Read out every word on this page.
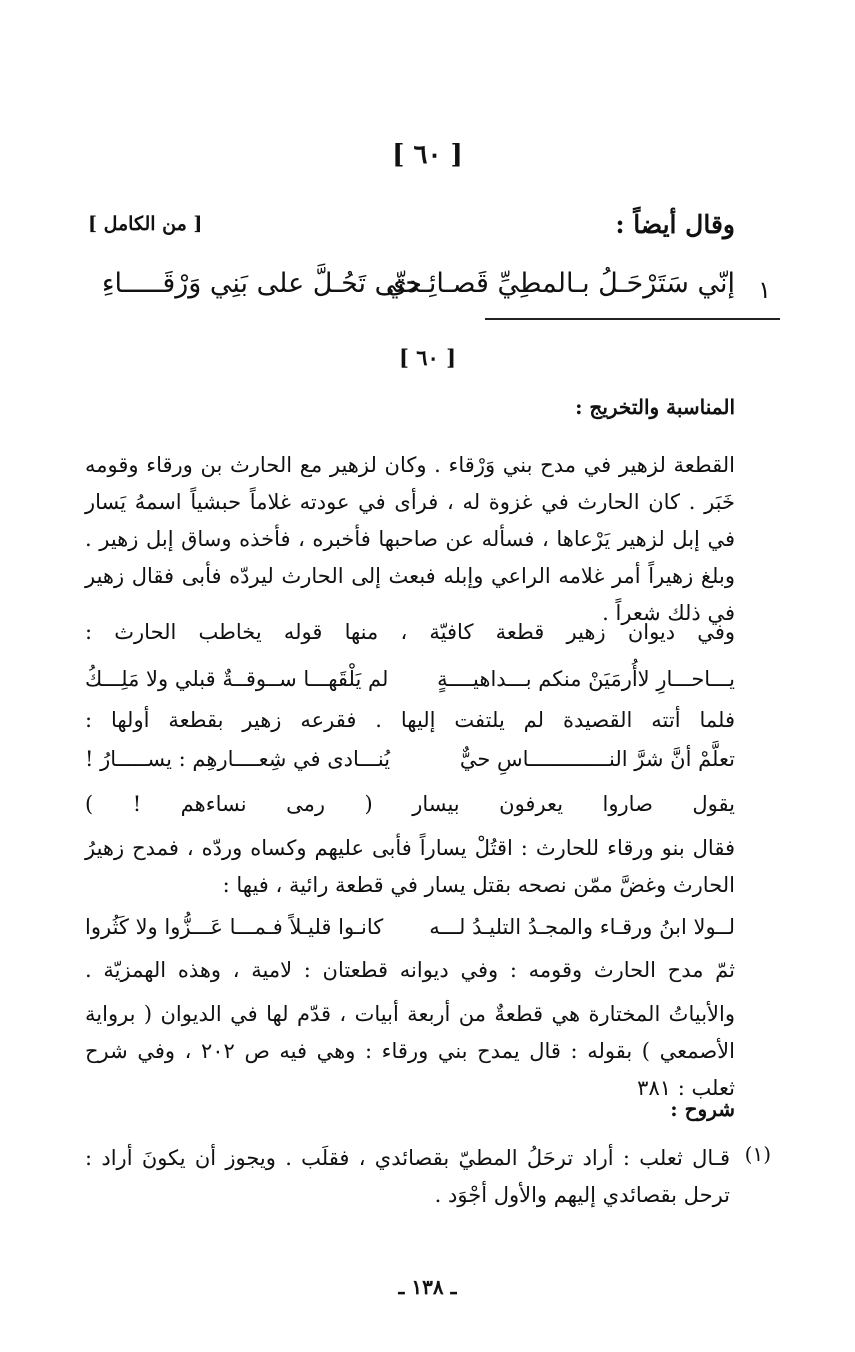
[ ٦٠ ]
وقال أيضاً :
[ من الكامل ]
١
إنّي سَتَرْحَـلُ بـالمطِيِّ قَصـائِـدي
حتّى تَحُـلَّ على بَنِي وَرْقَـــــاءِ
[ ٦٠ ]
المناسبة والتخريج :
القطعة لزهير في مدح بني وَرْقاء . وكان لزهير مع الحارث بن ورقاء وقومه خَبَر . كان الحارث في غزوة له ، فرأى في عودته غلاماً حبشياً اسمهُ يَسار في إبل لزهير يَرْعاها ، فسأله عن صاحبها فأخبره ، فأخذه وساق إبل زهير . وبلغ زهيراً أمر غلامه الراعي وإبله فبعث إلى الحارث ليردّه فأبى فقال زهير في ذلك شعراً .
وفي ديوان زهير قطعة كافيّة ، منها قوله يخاطب الحارث :
يـــاحـــارِ لاأُرمَيَنْ منكم بـــداهيــــةٍ
لم يَلْقَهـــا ســوقــةٌ قبلي ولا مَلِـــكُ
فلما أتته القصيدة لم يلتفت إليها . فقرعه زهير بقطعة أولها :
تعلَّمْ أنَّ شرَّ النـــــــــــــاسِ حيٌّ
يُنـــادى في شِعــــارهِم : يســـــارُ !
يقول صاروا يعرفون بيسار ( رمى نساءهم ! )
فقال بنو ورقاء للحارث : اقتُلْ يساراً فأبى عليهم وكساه وردّه ، فمدح زهيرُ الحارث وغضَّ ممّن نصحه بقتل يسار في قطعة رائية ، فيها :
لــولا ابنُ ورقـاء والمجـدُ التليـدُ لـــه
كانـوا قليـلاً فـمـــا عَـــزُّوا ولا كَثُروا
ثمّ مدح الحارث وقومه : وفي ديوانه قطعتان : لامية ، وهذه الهمزيّة .
والأبياتُ المختارة هي قطعةٌ من أربعة أبيات ، قدّم لها في الديوان ( برواية الأصمعي ) بقوله : قال يمدح بني ورقاء : وهي فيه ص ٢٠٢ ، وفي شرح ثعلب : ٣٨١
شروح :
(١)
قـال ثعلب : أراد ترحَلُ المطيّ بقصائدي ، فقلَب . ويجوز أن يكونَ أراد : ترحل بقصائدي إليهم والأول أجْوَد .
ـ ١٣٨ ـ
